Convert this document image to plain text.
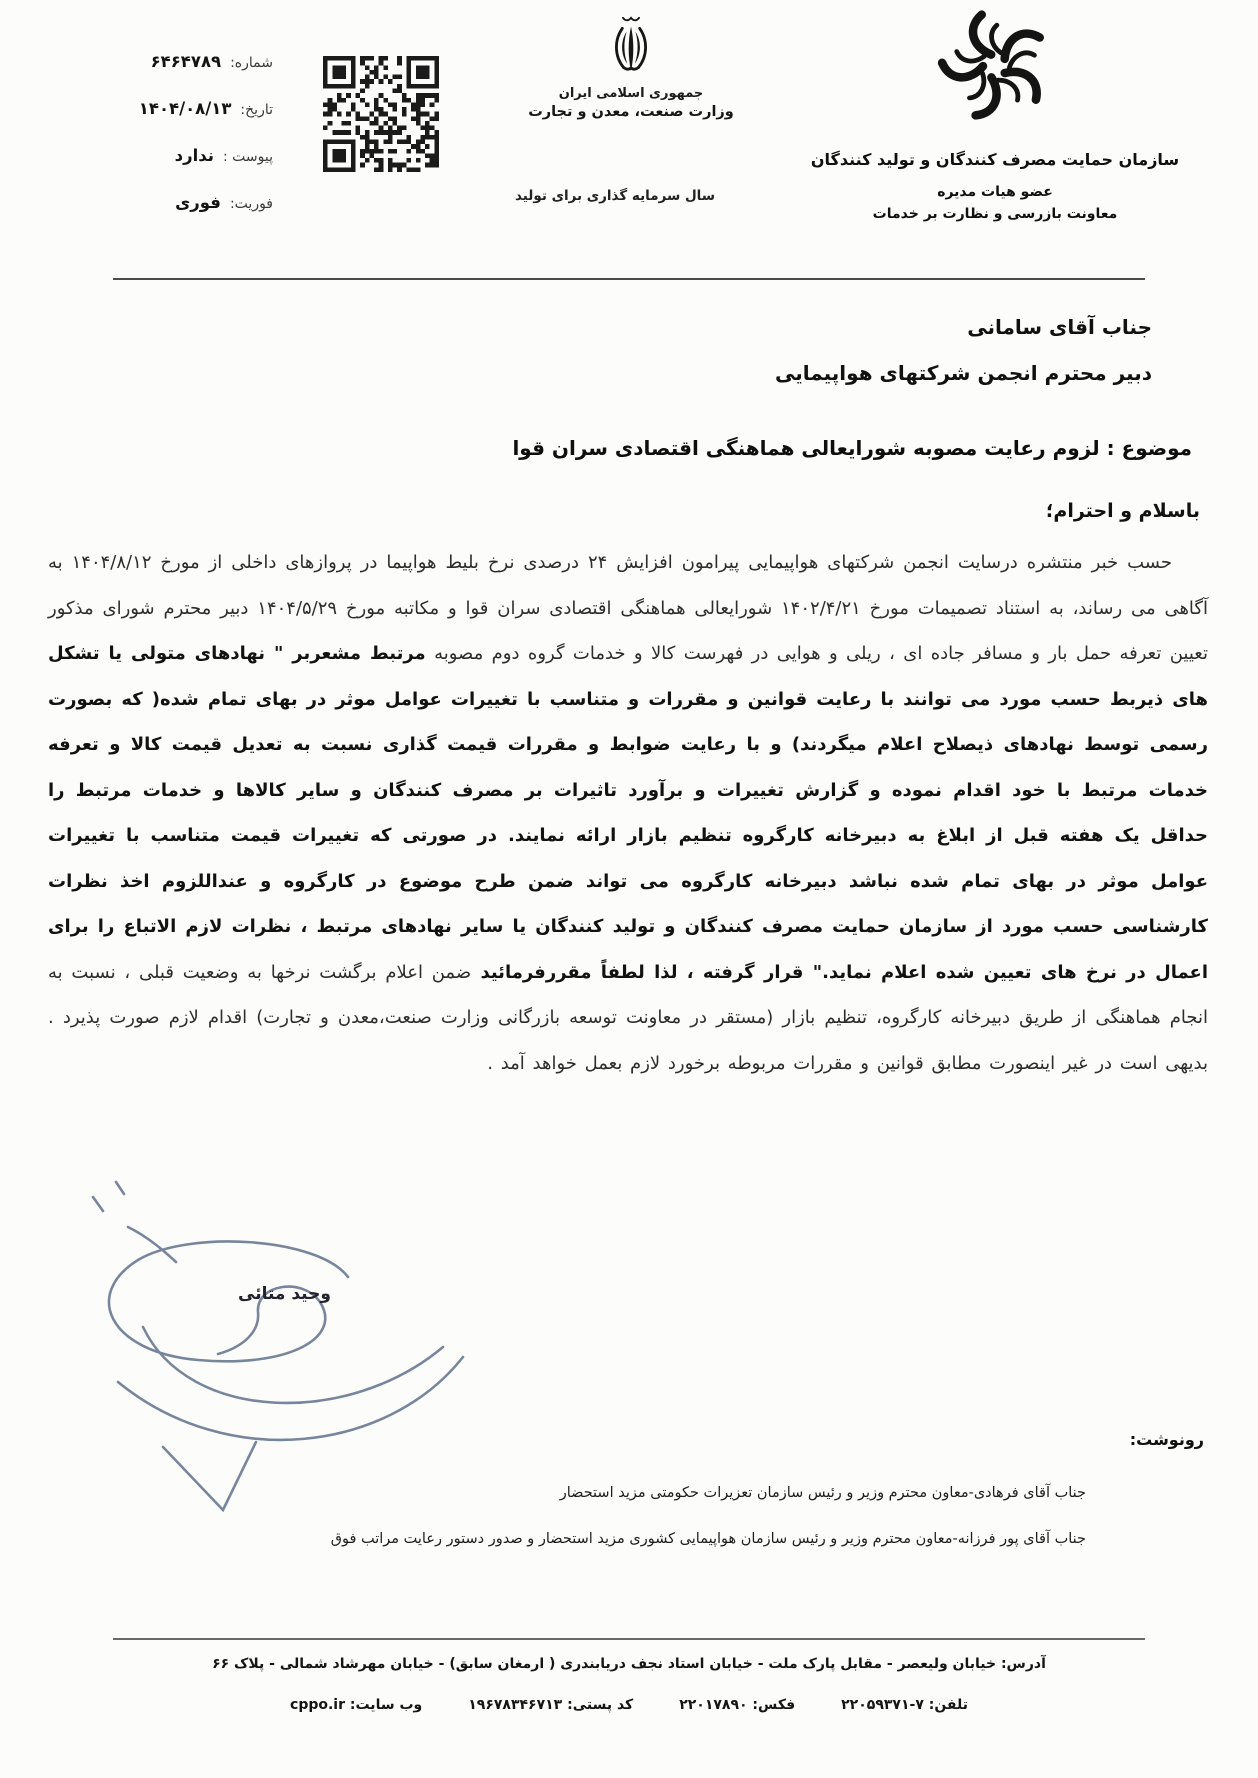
شماره:
۶۴۶۴۷۸۹
تاریخ:
۱۴۰۴/۰۸/۱۳
پیوست :
ندارد
فوریت:
فوری
جمهوری اسلامی ایران
وزارت صنعت، معدن و تجارت
سال سرمایه گذاری برای تولید
سازمان حمایت مصرف کنندگان و تولید کنندگان
عضو هیات مدیره
معاونت بازرسی و نظارت بر خدمات
جناب آقای سامانی
دبیر محترم انجمن شرکتهای هواپیمایی
موضوع : لزوم رعایت مصوبه شورایعالی هماهنگی اقتصادی سران قوا
باسلام و احترام؛
حسب خبر منتشره درسایت انجمن شرکتهای هواپیمایی پیرامون افزایش ۲۴ درصدی نرخ بلیط هواپیما در پروازهای داخلی از مورخ ۱۴۰۴/۸/۱۲ به آگاهی می رساند، به استناد تصمیمات مورخ ۱۴۰۲/۴/۲۱ شورایعالی هماهنگی اقتصادی سران قوا و مکاتبه مورخ ۱۴۰۴/۵/۲۹ دبیر محترم شورای مذکور تعیین تعرفه حمل بار و مسافر جاده ای ، ریلی و هوایی در فهرست کالا و خدمات گروه دوم مصوبه مرتبط مشعربر " نهادهای متولی یا تشکل های ذیربط حسب مورد می توانند با رعایت قوانین و مقررات و متناسب با تغییرات عوامل موثر در بهای تمام شده( که بصورت رسمی توسط نهادهای ذیصلاح اعلام میگردند) و با رعایت ضوابط و مقررات قیمت گذاری نسبت به تعدیل قیمت کالا و تعرفه خدمات مرتبط با خود اقدام نموده و گزارش تغییرات و برآورد تاثیرات بر مصرف کنندگان و سایر کالاها و خدمات مرتبط را حداقل یک هفته قبل از ابلاغ به دبیرخانه کارگروه تنظیم بازار ارائه نمایند. در صورتی که تغییرات قیمت متناسب با تغییرات عوامل موثر در بهای تمام شده نباشد دبیرخانه کارگروه می تواند ضمن طرح موضوع در کارگروه و عنداللزوم اخذ نظرات کارشناسی حسب مورد از سازمان حمایت مصرف کنندگان و تولید کنندگان یا سایر نهادهای مرتبط ، نظرات لازم الاتباع را برای اعمال در نرخ های تعیین شده اعلام نماید." قرار گرفته ، لذا لطفاً مقررفرمائید ضمن اعلام برگشت نرخها به وضعیت قبلی ، نسبت به انجام هماهنگی از طریق دبیرخانه کارگروه، تنظیم بازار (مستقر در معاونت توسعه بازرگانی وزارت صنعت،معدن و تجارت) اقدام لازم صورت پذیرد . بدیهی است در غیر اینصورت مطابق قوانین و مقررات مربوطه برخورد لازم بعمل خواهد آمد .
وحید متائی
رونوشت:
جناب آقای فرهادی-معاون محترم وزیر و رئیس سازمان تعزیرات حکومتی مزید استحضار
جناب آقای پور فرزانه-معاون محترم وزیر و رئیس سازمان هواپیمایی کشوری مزید استحضار و صدور دستور رعایت مراتب فوق
آدرس: خیابان ولیعصر - مقابل پارک ملت - خیابان استاد نجف دریابندری ( ارمغان سابق) - خیابان مهرشاد شمالی - پلاک ۶۶
تلفن: ۷-۲۲۰۵۹۳۷۱
فکس: ۲۲۰۱۷۸۹۰
کد پستی: ۱۹۶۷۸۳۴۶۷۱۳
وب سایت: cppo.ir
